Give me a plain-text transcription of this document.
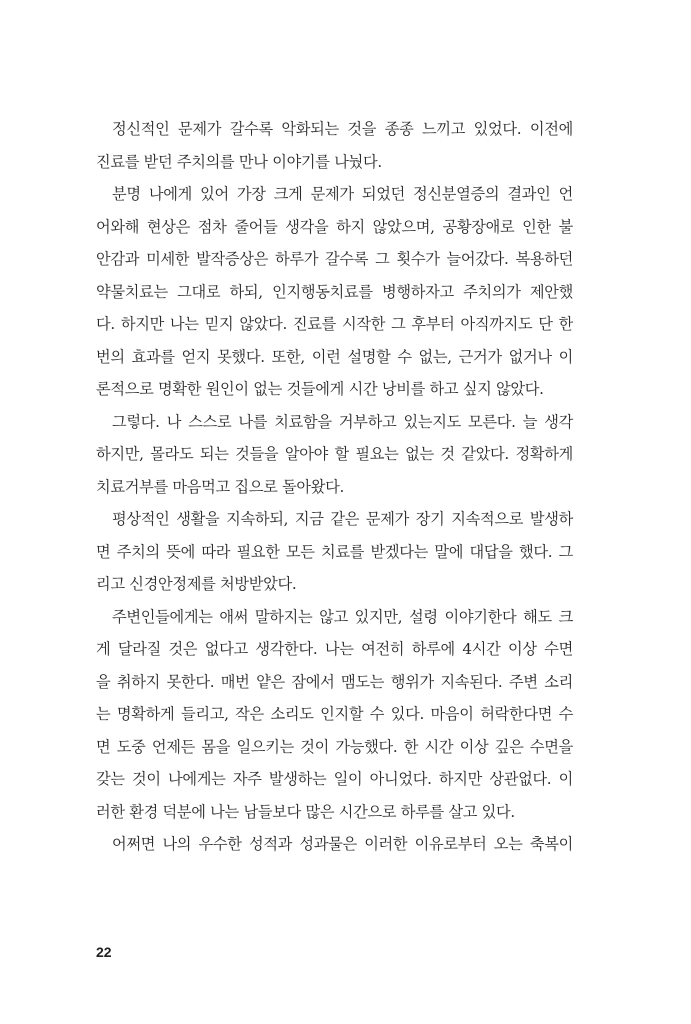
정신적인 문제가 갈수록 악화되는 것을 종종 느끼고 있었다. 이전에
진료를 받던 주치의를 만나 이야기를 나눴다.
분명 나에게 있어 가장 크게 문제가 되었던 정신분열증의 결과인 언
어와해 현상은 점차 줄어들 생각을 하지 않았으며, 공황장애로 인한 불
안감과 미세한 발작증상은 하루가 갈수록 그 횟수가 늘어갔다. 복용하던
약물치료는 그대로 하되, 인지행동치료를 병행하자고 주치의가 제안했
다. 하지만 나는 믿지 않았다. 진료를 시작한 그 후부터 아직까지도 단 한
번의 효과를 얻지 못했다. 또한, 이런 설명할 수 없는, 근거가 없거나 이
론적으로 명확한 원인이 없는 것들에게 시간 낭비를 하고 싶지 않았다.
그렇다. 나 스스로 나를 치료함을 거부하고 있는지도 모른다. 늘 생각
하지만, 몰라도 되는 것들을 알아야 할 필요는 없는 것 같았다. 정확하게
치료거부를 마음먹고 집으로 돌아왔다.
평상적인 생활을 지속하되, 지금 같은 문제가 장기 지속적으로 발생하
면 주치의 뜻에 따라 필요한 모든 치료를 받겠다는 말에 대답을 했다. 그
리고 신경안정제를 처방받았다.
주변인들에게는 애써 말하지는 않고 있지만, 설령 이야기한다 해도 크
게 달라질 것은 없다고 생각한다. 나는 여전히 하루에 4시간 이상 수면
을 취하지 못한다. 매번 얕은 잠에서 맴도는 행위가 지속된다. 주변 소리
는 명확하게 들리고, 작은 소리도 인지할 수 있다. 마음이 허락한다면 수
면 도중 언제든 몸을 일으키는 것이 가능했다. 한 시간 이상 깊은 수면을
갖는 것이 나에게는 자주 발생하는 일이 아니었다. 하지만 상관없다. 이
러한 환경 덕분에 나는 남들보다 많은 시간으로 하루를 살고 있다.
어쩌면 나의 우수한 성적과 성과물은 이러한 이유로부터 오는 축복이
22
